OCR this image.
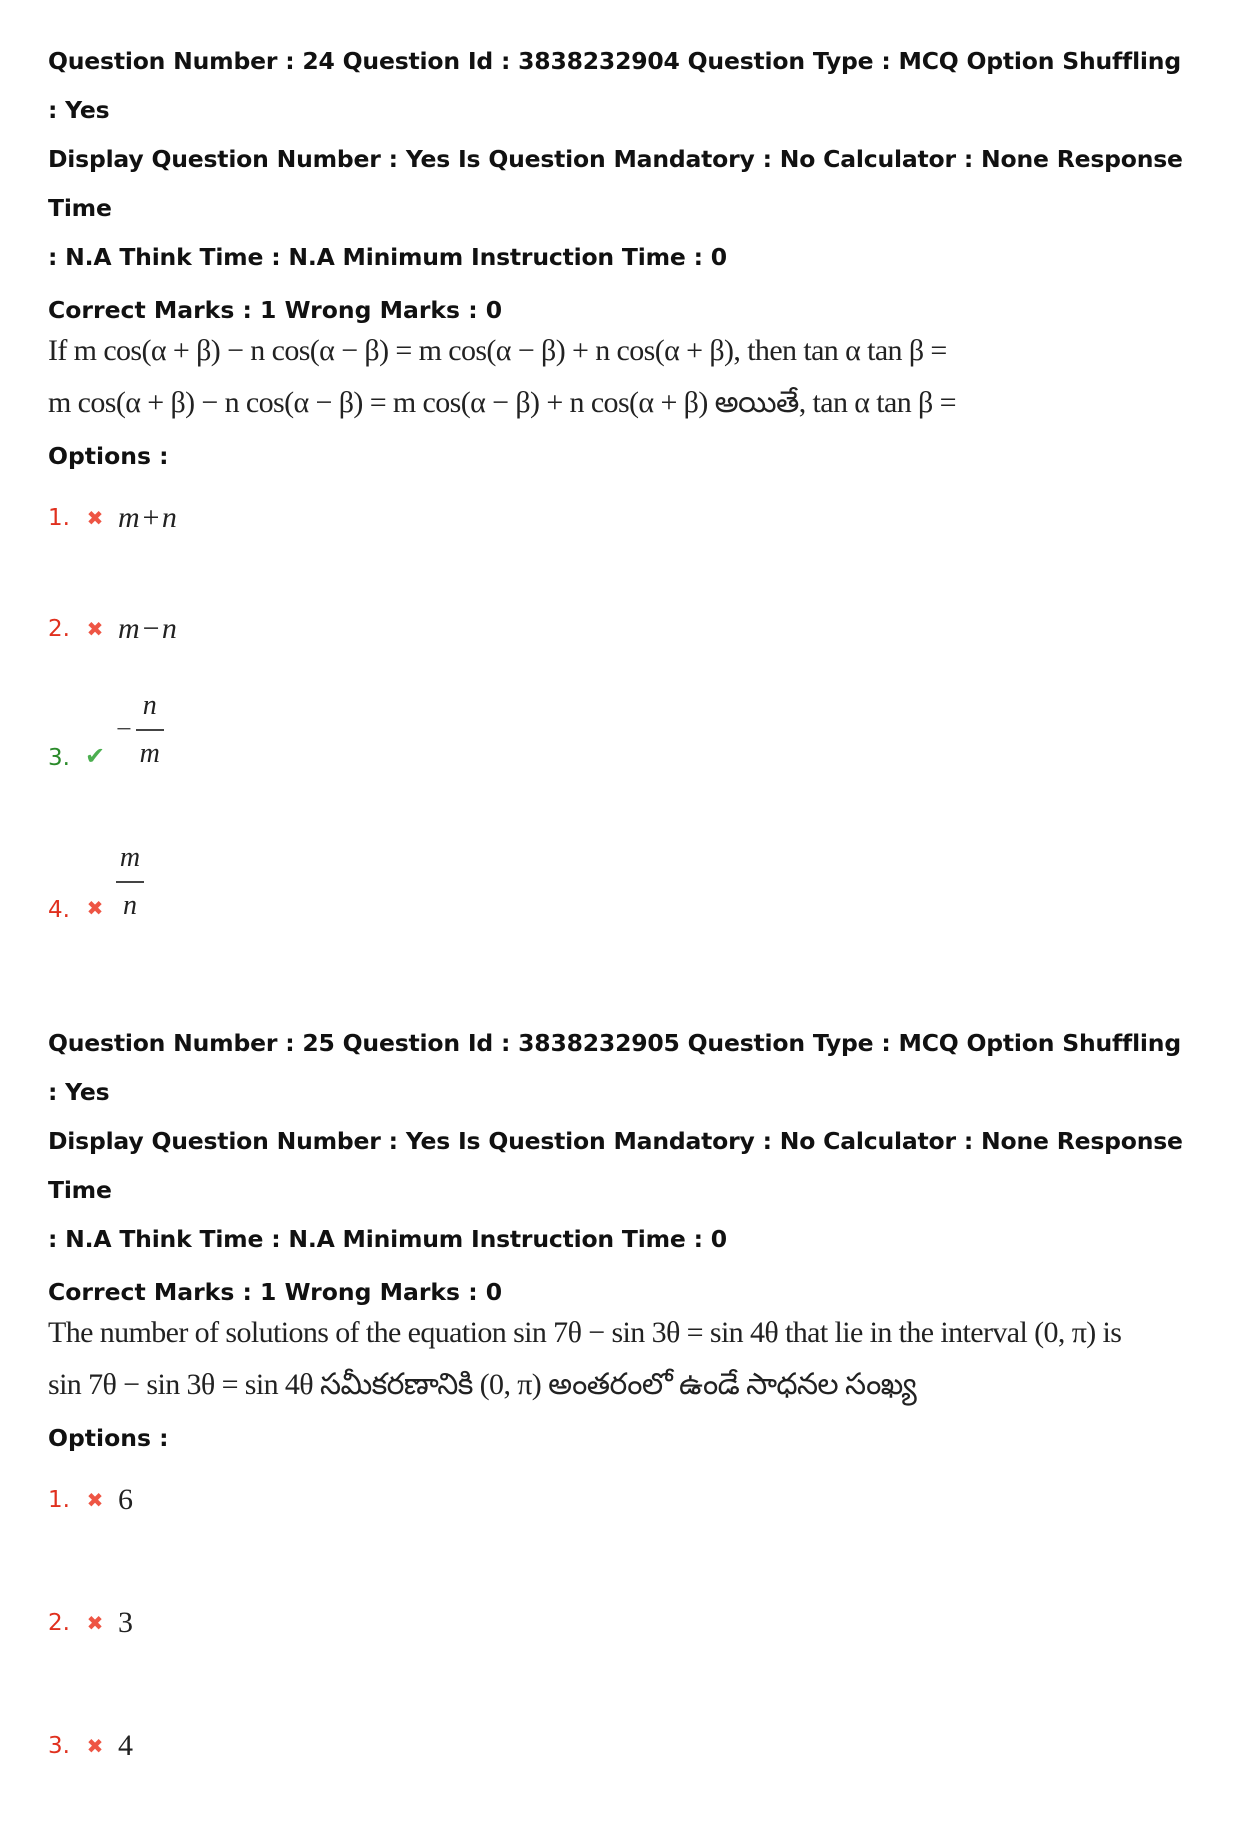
Question Number : 24 Question Id : 3838232904 Question Type : MCQ Option Shuffling : Yes

Display Question Number : Yes Is Question Mandatory : No Calculator : None Response Time

: N.A Think Time : N.A Minimum Instruction Time : 0

Correct Marks : 1 Wrong Marks : 0
If m cos(α + β) − n cos(α − β) = m cos(α − β) + n cos(α + β), then tan α tan β =
m cos(α + β) − n cos(α − β) = m cos(α − β) + n cos(α + β) అయితే, tan α tan β =
Options :
1. ✖ m+n
2. ✖ m−n
3. ✔
− $\frac{n}{m}$
4. ✖ $\frac{m}{n}$

Question Number : 25 Question Id : 3838232905 Question Type : MCQ Option Shuffling : Yes

Display Question Number : Yes Is Question Mandatory : No Calculator : None Response Time

: N.A Think Time : N.A Minimum Instruction Time : 0

Correct Marks : 1 Wrong Marks : 0
The number of solutions of the equation sin 7θ − sin 3θ = sin 4θ that lie in the interval (0, π) is
sin 7θ − sin 3θ = sin 4θ సమీకరణానికి (0, π) అంతరంలో ఉండే సాధనల సంఖ్య
Options :
1. ✖ 6
2. ✖ 3
3. ✖ 4
